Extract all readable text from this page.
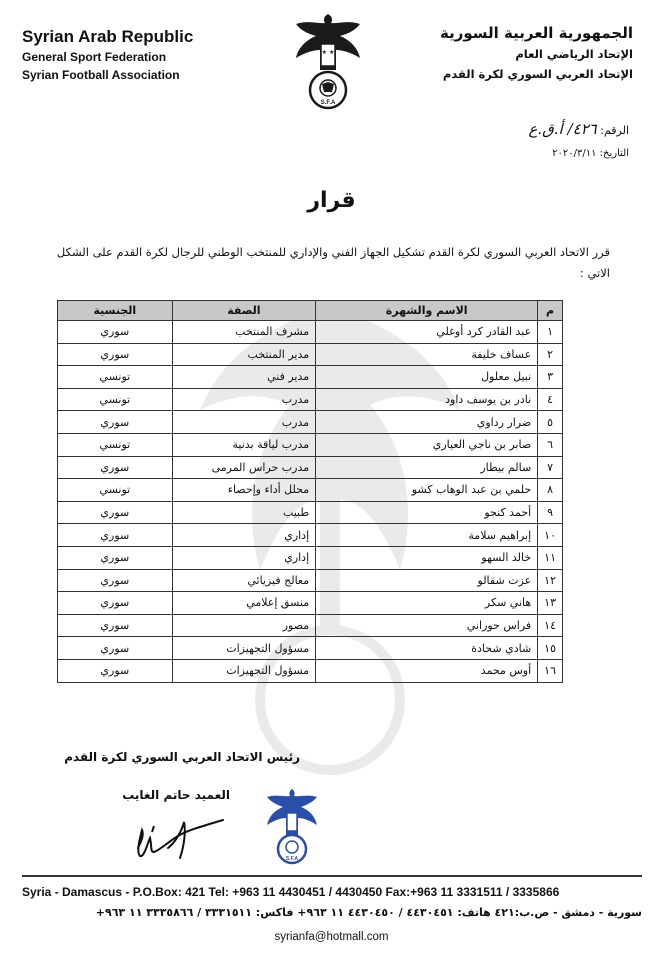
Syrian Arab Republic
General Sport Federation
Syrian Football Association
★ ★
S.F.A
الجمهورية العربية السورية
الإتحاد الرياضي العام
الإتحاد العربي السوري لكرة القدم
الرقم: ٤٢٦/ أ.ق.ع
التاريخ: ٢٠٢٠/٣/١١
قرار
قرر الاتحاد العربي السوري لكرة القدم تشكيل الجهاز الفني والإداري للمنتخب الوطني للرجال لكرة القدم على الشكل الاتي :
م	الاسم والشهرة	الصفة	الجنسية
١	عبد القادر كرد أوغلي	مشرف المنتخب	سوري
٢	عساف خليفة	مدير المنتخب	سوري
٣	نبيل معلول	مدير فني	تونسي
٤	نادر بن يوسف داود	مدرب	تونسي
٥	ضرار رداوي	مدرب	سوري
٦	صابر بن ناجي العياري	مدرب لياقة بدنية	تونسي
٧	سالم بيطار	مدرب حراس المرمى	سوري
٨	حلمي بن عبد الوهاب كشو	محلل أداء وإحصاء	تونسي
٩	أحمد كنجو	طبيب	سوري
١٠	إبراهيم سلامة	إداري	سوري
١١	خالد السهو	إداري	سوري
١٢	عزت شقالو	معالج فيزيائي	سوري
١٣	هاني سكر	منسق إعلامي	سوري
١٤	فراس حوراني	مصور	سوري
١٥	شادي شحادة	مسؤول التجهيزات	سوري
١٦	أوس محمد	مسؤول التجهيزات	سوري
رئيس الاتحاد العربي السوري لكرة القدم
العميد حاتم الغايب
S.F.A
Syria - Damascus - P.O.Box: 421 Tel: +963 11 4430451 / 4430450 Fax:+963 11 3331511 / 3335866
سورية - دمشق - ص.ب:٤٢١ هاتف: ٤٤٣٠٤٥١ / ٤٤٣٠٤٥٠ ١١ ٩٦٣+ فاكس: ٣٣٣١٥١١ / ٣٣٣٥٨٦٦ ١١ ٩٦٣+
syrianfa@hotmall.com
